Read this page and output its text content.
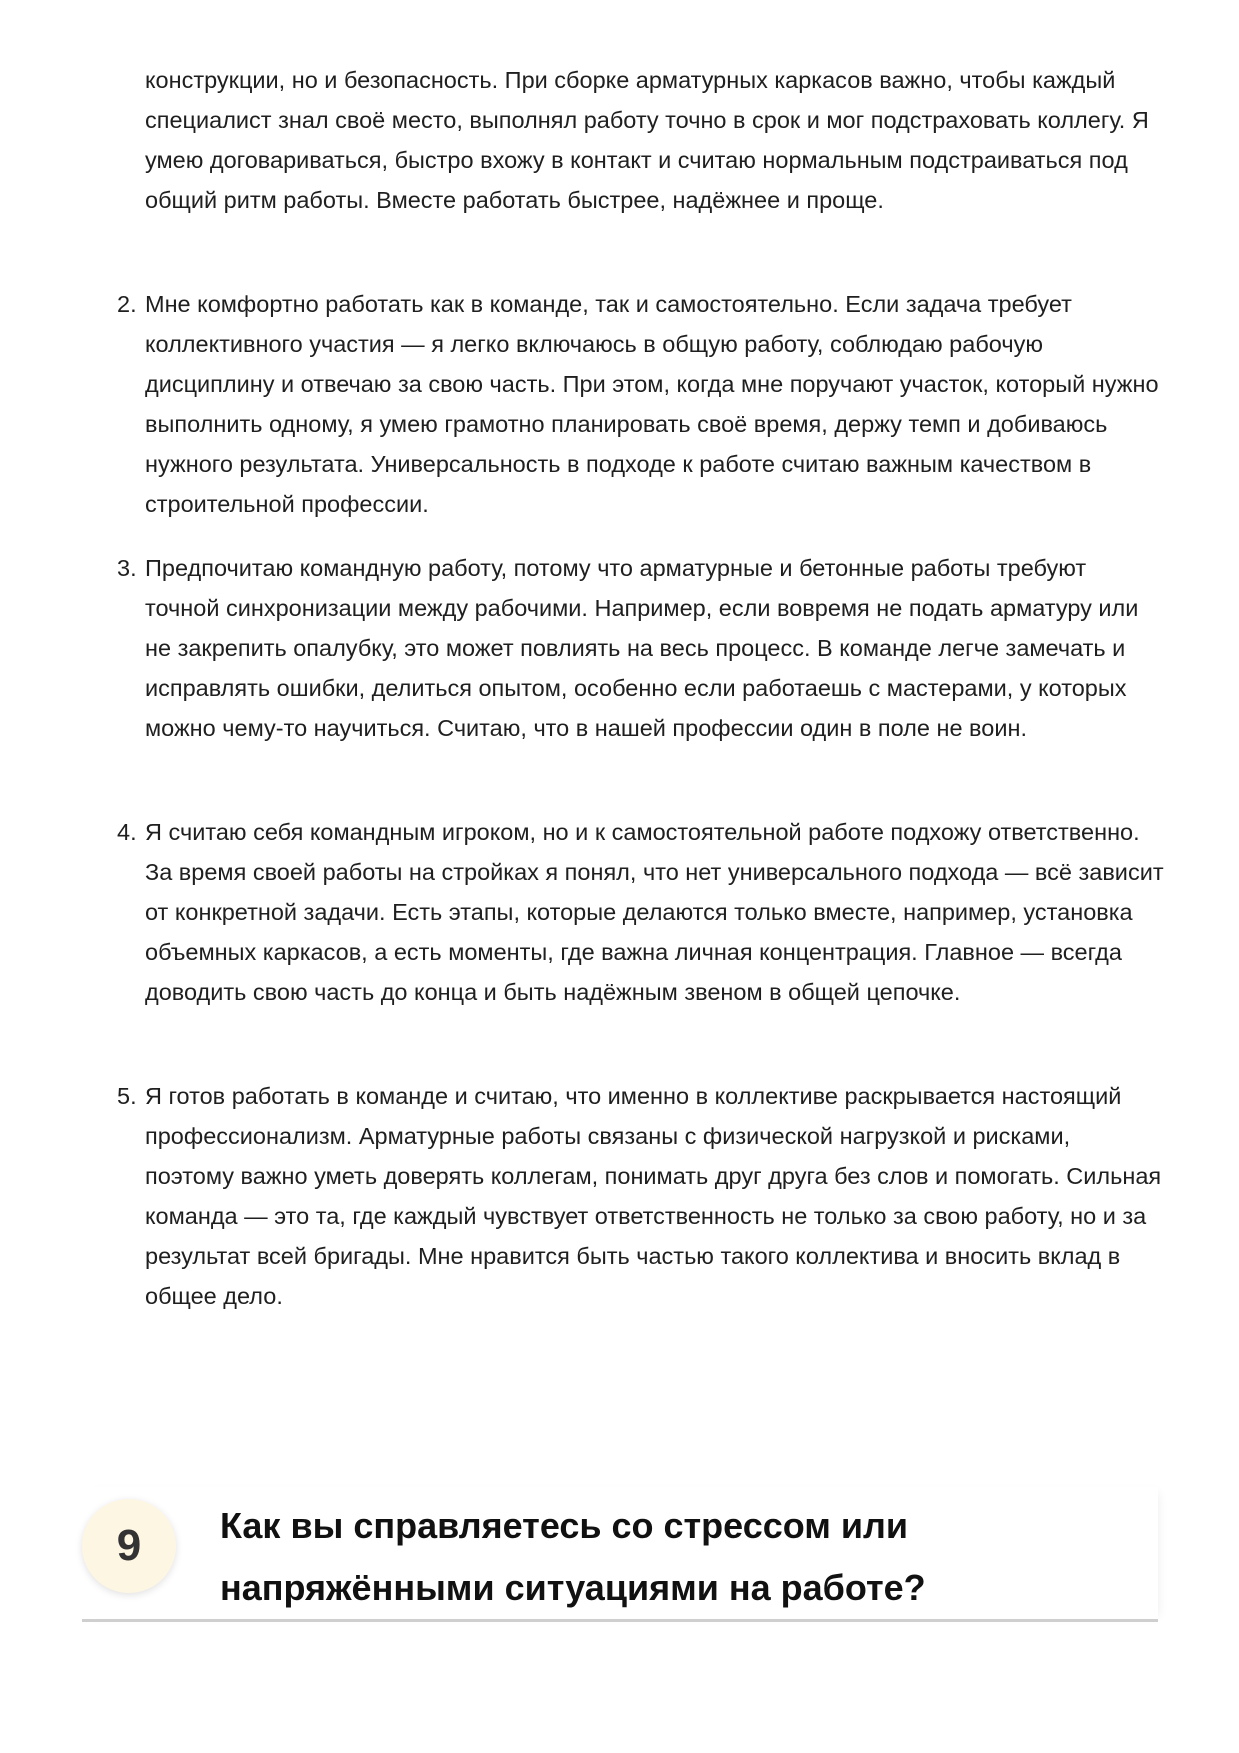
конструкции, но и безопасность. При сборке арматурных каркасов важно, чтобы каждый специалист знал своё место, выполнял работу точно в срок и мог подстраховать коллегу. Я умею договариваться, быстро вхожу в контакт и считаю нормальным подстраиваться под общий ритм работы. Вместе работать быстрее, надёжнее и проще.

2. Мне комфортно работать как в команде, так и самостоятельно. Если задача требует коллективного участия — я легко включаюсь в общую работу, соблюдаю рабочую дисциплину и отвечаю за свою часть. При этом, когда мне поручают участок, который нужно выполнить одному, я умею грамотно планировать своё время, держу темп и добиваюсь нужного результата. Универсальность в подходе к работе считаю важным качеством в строительной профессии.

3. Предпочитаю командную работу, потому что арматурные и бетонные работы требуют точной синхронизации между рабочими. Например, если вовремя не подать арматуру или не закрепить опалубку, это может повлиять на весь процесс. В команде легче замечать и исправлять ошибки, делиться опытом, особенно если работаешь с мастерами, у которых можно чему-то научиться. Считаю, что в нашей профессии один в поле не воин.

4. Я считаю себя командным игроком, но и к самостоятельной работе подхожу ответственно. За время своей работы на стройках я понял, что нет универсального подхода — всё зависит от конкретной задачи. Есть этапы, которые делаются только вместе, например, установка объемных каркасов, а есть моменты, где важна личная концентрация. Главное — всегда доводить свою часть до конца и быть надёжным звеном в общей цепочке.

5. Я готов работать в команде и считаю, что именно в коллективе раскрывается настоящий профессионализм. Арматурные работы связаны с физической нагрузкой и рисками, поэтому важно уметь доверять коллегам, понимать друг друга без слов и помогать. Сильная команда — это та, где каждый чувствует ответственность не только за свою работу, но и за результат всей бригады. Мне нравится быть частью такого коллектива и вносить вклад в общее дело.

9	Как вы справляетесь со стрессом или напряжёнными ситуациями на работе?
